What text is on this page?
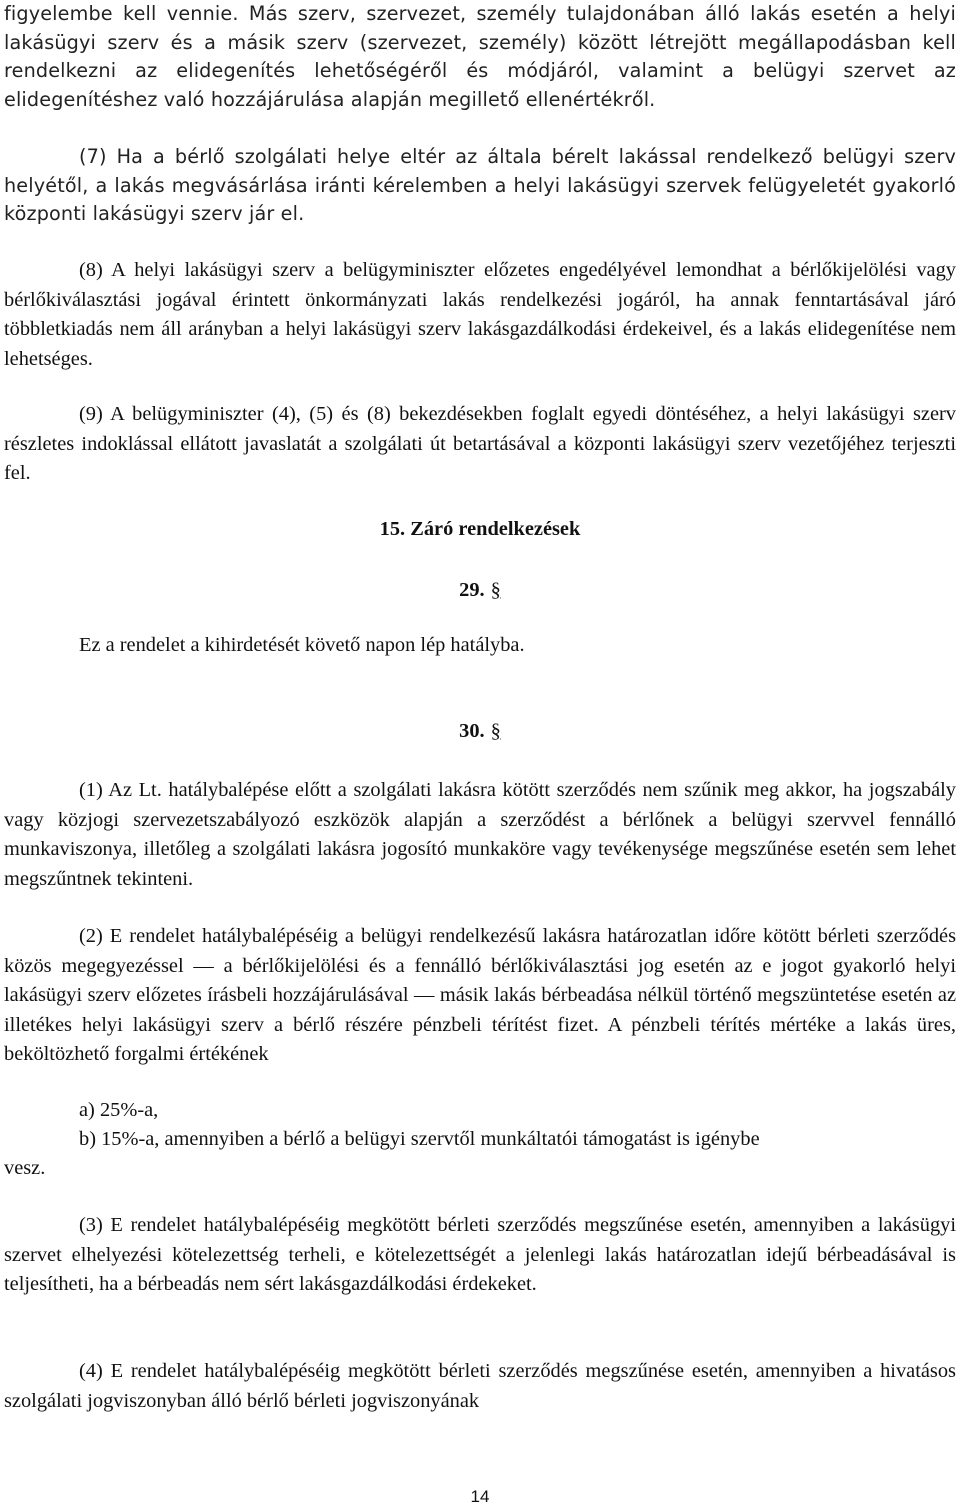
figyelembe kell vennie. Más szerv, szervezet, személy tulajdonában álló lakás esetén a helyi lakásügyi szerv és a másik szerv (szervezet, személy) között létrejött megállapodásban kell rendelkezni az elidegenítés lehetőségéről és módjáról, valamint a belügyi szervet az elidegenítéshez való hozzájárulása alapján megillető ellenértékről.

(7) Ha a bérlő szolgálati helye eltér az általa bérelt lakással rendelkező belügyi szerv helyétől, a lakás megvásárlása iránti kérelemben a helyi lakásügyi szervek felügyeletét gyakorló központi lakásügyi szerv jár el.

(8) A helyi lakásügyi szerv a belügyminiszter előzetes engedélyével lemondhat a bérlőkijelölési vagy bérlőkiválasztási jogával érintett önkormányzati lakás rendelkezési jogáról, ha annak fenntartásával járó többletkiadás nem áll arányban a helyi lakásügyi szerv lakásgazdálkodási érdekeivel, és a lakás elidegenítése nem lehetséges.

(9) A belügyminiszter (4), (5) és (8) bekezdésekben foglalt egyedi döntéséhez, a helyi lakásügyi szerv részletes indoklással ellátott javaslatát a szolgálati út betartásával a központi lakásügyi szerv vezetőjéhez terjeszti fel.

15. Záró rendelkezések
29. §
Ez a rendelet a kihirdetését követő napon lép hatályba.
30. §

(1) Az Lt. hatálybalépése előtt a szolgálati lakásra kötött szerződés nem szűnik meg akkor, ha jogszabály vagy közjogi szervezetszabályozó eszközök alapján a szerződést a bérlőnek a belügyi szervvel fennálló munkaviszonya, illetőleg a szolgálati lakásra jogosító munkaköre vagy tevékenysége megszűnése esetén sem lehet megszűntnek tekinteni.

(2) E rendelet hatálybalépéséig a belügyi rendelkezésű lakásra határozatlan időre kötött bérleti szerződés közös megegyezéssel — a bérlőkijelölési és a fennálló bérlőkiválasztási jog esetén az e jogot gyakorló helyi lakásügyi szerv előzetes írásbeli hozzájárulásával — másik lakás bérbeadása nélkül történő megszüntetése esetén az illetékes helyi lakásügyi szerv a bérlő részére pénzbeli térítést fizet. A pénzbeli térítés mértéke a lakás üres, beköltözhető forgalmi értékének

a) 25%-a,

b) 15%-a, amennyiben a bérlő a belügyi szervtől munkáltatói támogatást is igénybe

vesz.

(3) E rendelet hatálybalépéséig megkötött bérleti szerződés megszűnése esetén, amennyiben a lakásügyi szervet elhelyezési kötelezettség terheli, e kötelezettségét a jelenlegi lakás határozatlan idejű bérbeadásával is teljesítheti, ha a bérbeadás nem sért lakásgazdálkodási érdekeket.

(4) E rendelet hatálybalépéséig megkötött bérleti szerződés megszűnése esetén, amennyiben a hivatásos szolgálati jogviszonyban álló bérlő bérleti jogviszonyának

14
